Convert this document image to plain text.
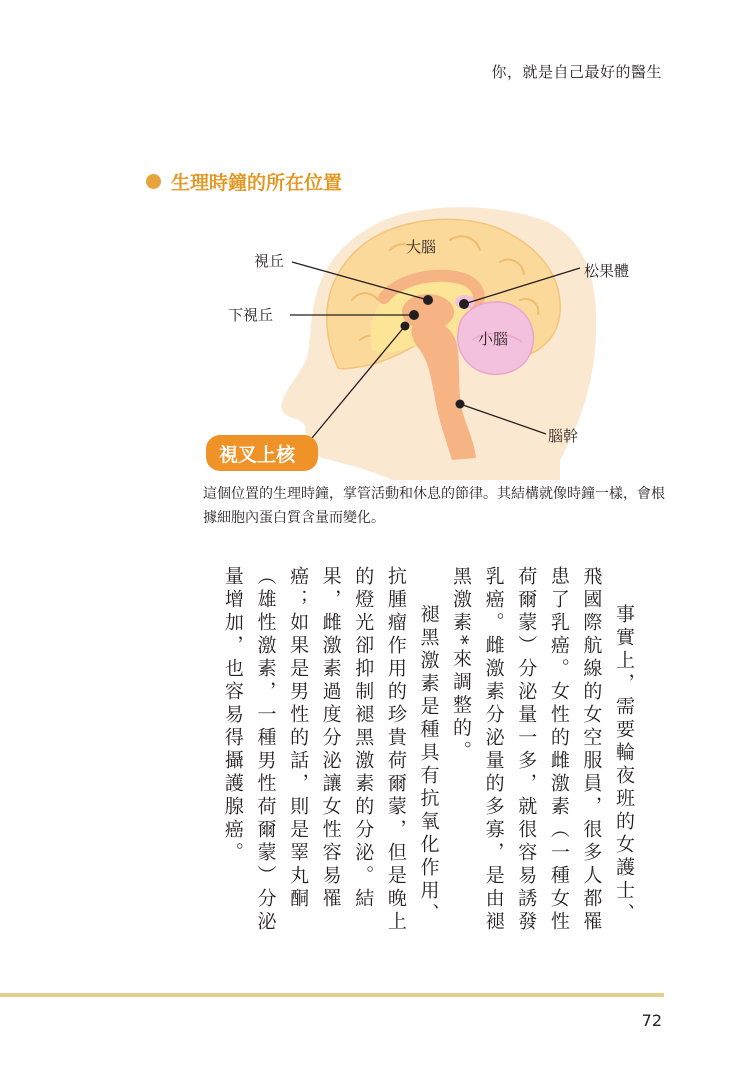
你，就是自己最好的醫生
生理時鐘的所在位置
大腦
視丘
下視丘
松果體
小腦
腦幹
視叉上核
這個位置的生理時鐘，掌管活動和休息的節律。其結構就像時鐘一樣，會根據細胞內蛋白質含量而變化。

事實上，需要輪夜班的女護士、飛國際航線的女空服員，很多人都罹患了乳癌。女性的雌激素（一種女性荷爾蒙）分泌量一多，就很容易誘發乳癌。雌激素分泌量的多寡，是由褪黑激素*來調整的。

褪黑激素是種具有抗氧化作用、抗腫瘤作用的珍貴荷爾蒙，但是晚上的燈光卻抑制褪黑激素的分泌。結果，雌激素過度分泌讓女性容易罹癌；如果是男性的話，則是睪丸酮（雄性激素，一種男性荷爾蒙）分泌量增加，也容易得攝護腺癌。

72
